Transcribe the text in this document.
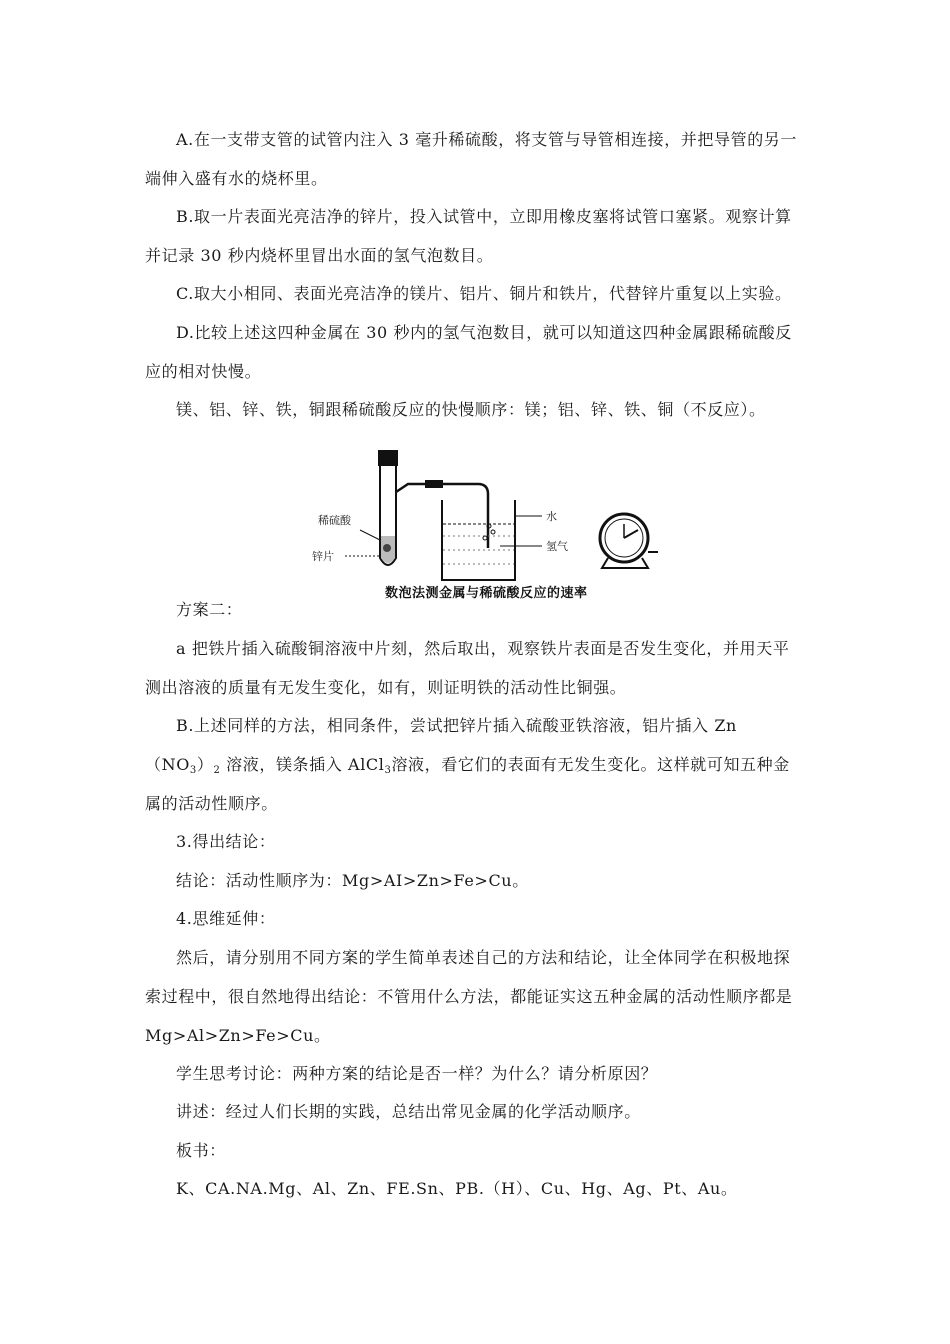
A.在一支带支管的试管内注入 3 毫升稀硫酸，将支管与导管相连接，并把导管的另一端伸入盛有水的烧杯里。

B.取一片表面光亮洁净的锌片，投入试管中，立即用橡皮塞将试管口塞紧。观察计算并记录 30 秒内烧杯里冒出水面的氢气泡数目。

C.取大小相同、表面光亮洁净的镁片、铝片、铜片和铁片，代替锌片重复以上实验。

D.比较上述这四种金属在 30 秒内的氢气泡数目，就可以知道这四种金属跟稀硫酸反应的相对快慢。

镁、铝、锌、铁，铜跟稀硫酸反应的快慢顺序：镁；铝、锌、铁、铜（不反应）。

稀硫酸
锌片
水
氢气
数泡法测金属与稀硫酸反应的速率

方案二：

a 把铁片插入硫酸铜溶液中片刻，然后取出，观察铁片表面是否发生变化，并用天平测出溶液的质量有无发生变化，如有，则证明铁的活动性比铜强。

B.上述同样的方法，相同条件，尝试把锌片插入硫酸亚铁溶液，铝片插入 $Zn(NO_3)_2$ 溶液，镁条插入 AlCl$_3$溶液，看它们的表面有无发生变化。这样就可知五种金属的活动性顺序。

3.得出结论：

结论：活动性顺序为：Mg>AI>Zn>Fe>Cu。

4.思维延伸：

然后，请分别用不同方案的学生简单表述自己的方法和结论，让全体同学在积极地探索过程中，很自然地得出结论：不管用什么方法，都能证实这五种金属的活动性顺序都是 Mg>Al>Zn>Fe>Cu。

学生思考讨论：两种方案的结论是否一样？为什么？请分析原因？

讲述：经过人们长期的实践，总结出常见金属的化学活动顺序。

板书：

K、CA.NA.Mg、Al、Zn、FE.Sn、PB.（H）、Cu、Hg、Ag、Pt、Au。
